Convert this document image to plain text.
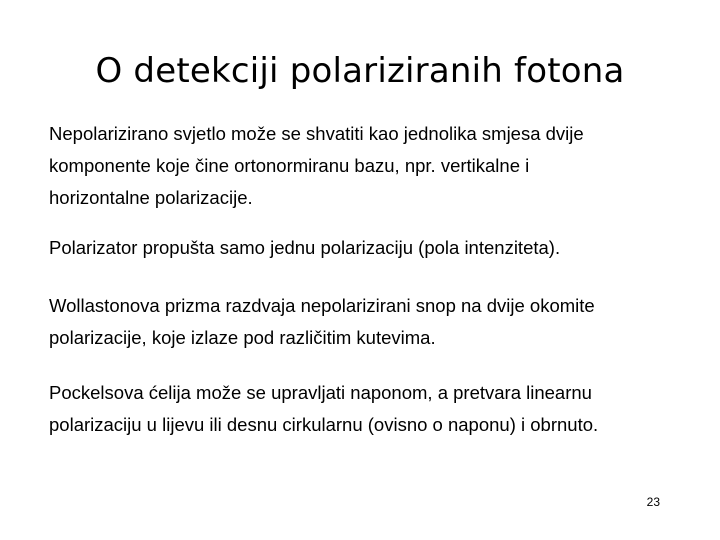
O detekciji polariziranih fotona

Nepolarizirano svjetlo može se shvatiti kao jednolika smjesa dvije
komponente koje čine ortonormiranu bazu, npr. vertikalne i
horizontalne polarizacije.

Polarizator propušta samo jednu polarizaciju (pola intenziteta).

Wollastonova prizma razdvaja nepolarizirani snop na dvije okomite
polarizacije, koje izlaze pod različitim kutevima.

Pockelsova ćelija može se upravljati naponom, a pretvara linearnu
polarizaciju u lijevu ili desnu cirkularnu (ovisno o naponu) i obrnuto.

23
